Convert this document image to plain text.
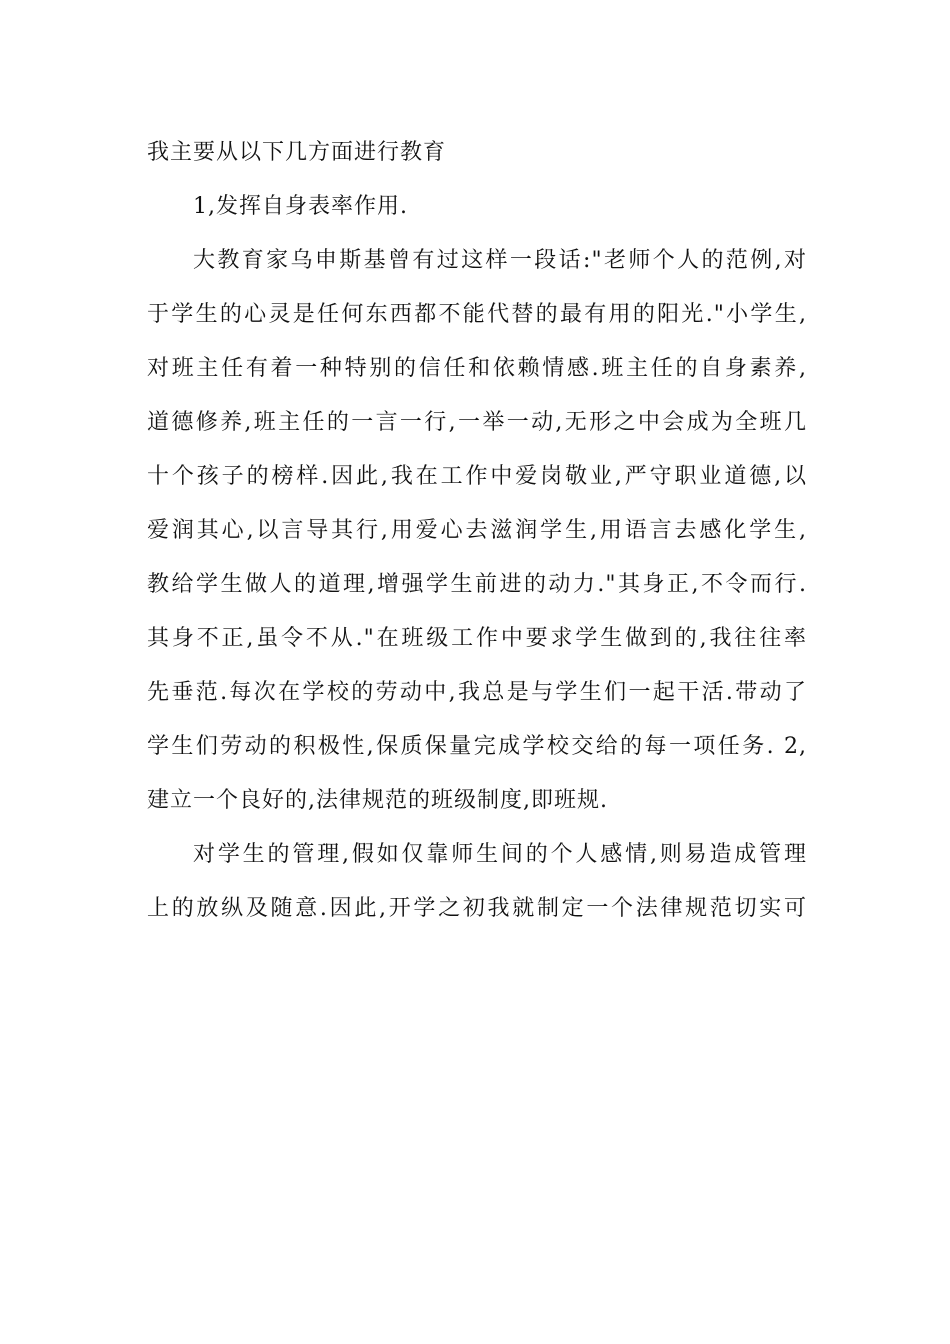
我主要从以下几方面进行教育
1,发挥自身表率作用.
大教育家乌申斯基曾有过这样一段话:"老师个人的范例,对
于学生的心灵是任何东西都不能代替的最有用的阳光."小学生,
对班主任有着一种特别的信任和依赖情感.班主任的自身素养,
道德修养,班主任的一言一行,一举一动,无形之中会成为全班几
十个孩子的榜样.因此,我在工作中爱岗敬业,严守职业道德,以
爱润其心,以言导其行,用爱心去滋润学生,用语言去感化学生,
教给学生做人的道理,增强学生前进的动力."其身正,不令而行.
其身不正,虽令不从."在班级工作中要求学生做到的,我往往率
先垂范.每次在学校的劳动中,我总是与学生们一起干活.带动了
学生们劳动的积极性,保质保量完成学校交给的每一项任务. 2,
建立一个良好的,法律规范的班级制度,即班规.
对学生的管理,假如仅靠师生间的个人感情,则易造成管理
上的放纵及随意.因此,开学之初我就制定一个法律规范切实可
